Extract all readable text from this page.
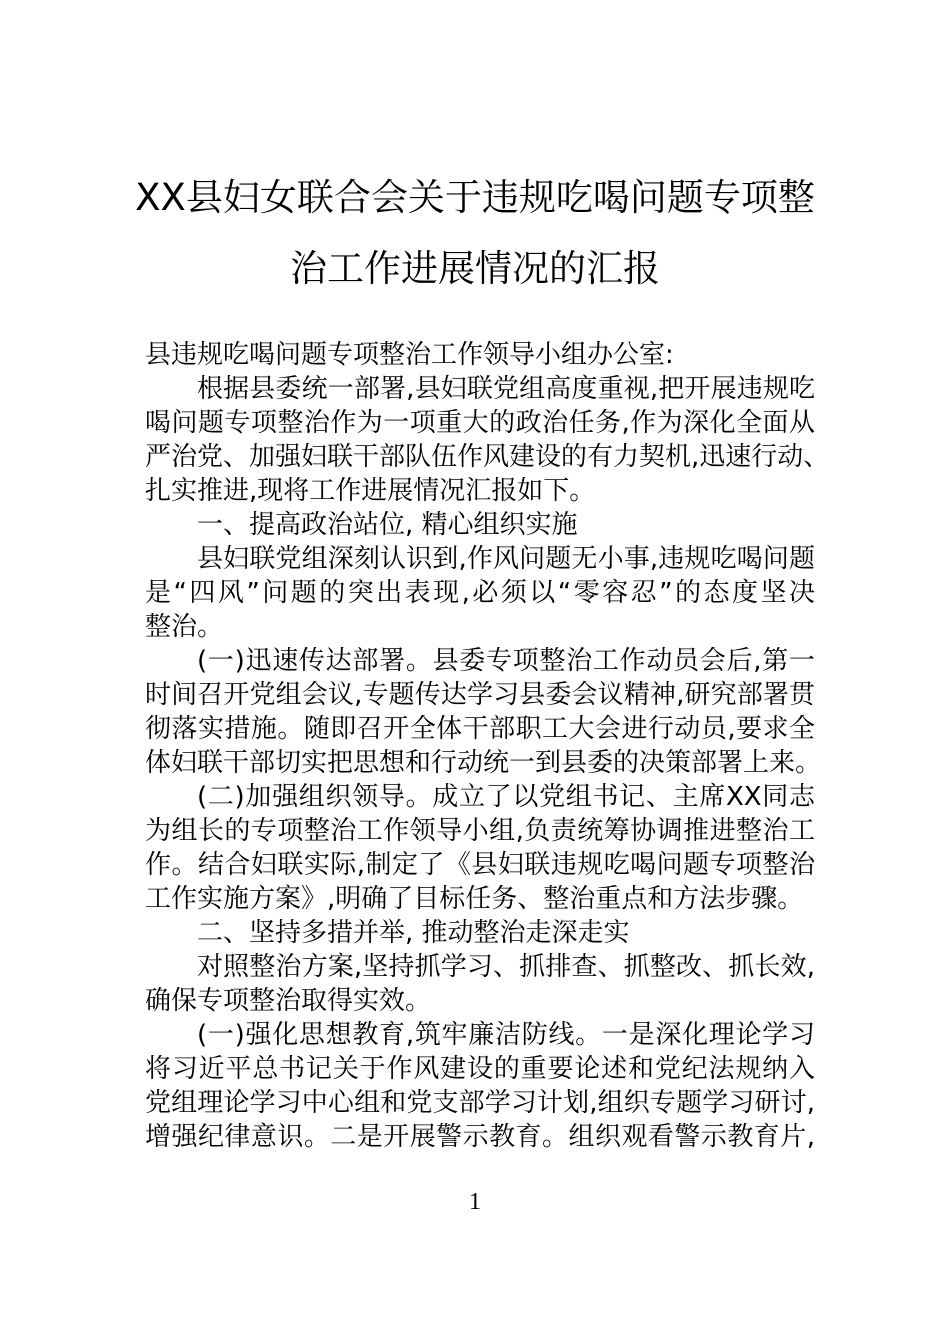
XX县妇女联合会关于违规吃喝问题专项整
治工作进展情况的汇报
县违规吃喝问题专项整治工作领导小组办公室:
根据县委统一部署,县妇联党组高度重视,把开展违规吃
喝问题专项整治作为一项重大的政治任务,作为深化全面从
严治党、加强妇联干部队伍作风建设的有力契机,迅速行动、
扎实推进,现将工作进展情况汇报如下。
一、提高政治站位, 精心组织实施
县妇联党组深刻认识到,作风问题无小事,违规吃喝问题
是“四风”问题的突出表现,必须以“零容忍”的态度坚决
整治。
(一)迅速传达部署。县委专项整治工作动员会后,第一
时间召开党组会议,专题传达学习县委会议精神,研究部署贯
彻落实措施。随即召开全体干部职工大会进行动员,要求全
体妇联干部切实把思想和行动统一到县委的决策部署上来。
(二)加强组织领导。成立了以党组书记、主席XX同志
为组长的专项整治工作领导小组,负责统筹协调推进整治工
作。结合妇联实际,制定了《县妇联违规吃喝问题专项整治
工作实施方案》,明确了目标任务、整治重点和方法步骤。
二、坚持多措并举, 推动整治走深走实
对照整治方案,坚持抓学习、抓排查、抓整改、抓长效,
确保专项整治取得实效。
(一)强化思想教育,筑牢廉洁防线。一是深化理论学习
将习近平总书记关于作风建设的重要论述和党纪法规纳入
党组理论学习中心组和党支部学习计划,组织专题学习研讨,
增强纪律意识。二是开展警示教育。组织观看警示教育片,
1
